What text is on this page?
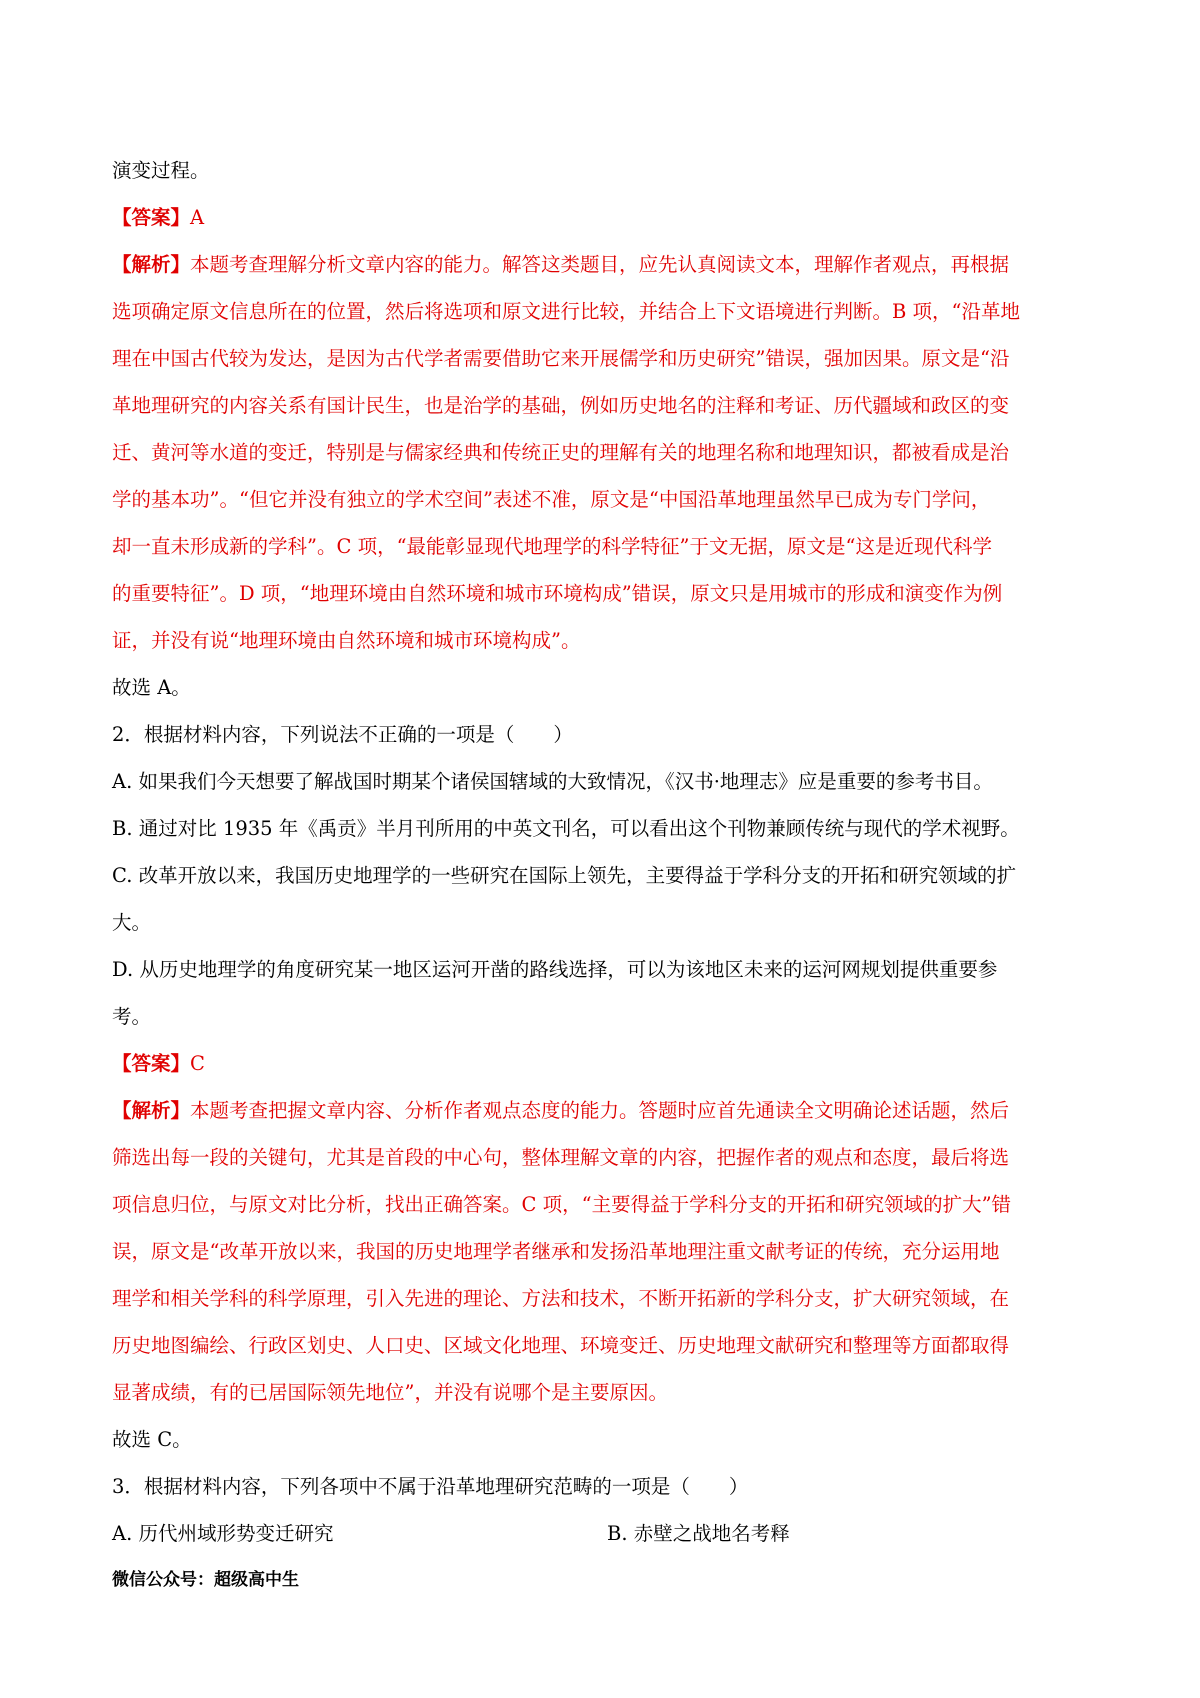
演变过程。
【答案】A
【解析】本题考查理解分析文章内容的能力。解答这类题目，应先认真阅读文本，理解作者观点，再根据
选项确定原文信息所在的位置，然后将选项和原文进行比较，并结合上下文语境进行判断。B 项，“沿革地
理在中国古代较为发达，是因为古代学者需要借助它来开展儒学和历史研究”错误，强加因果。原文是“沿
革地理研究的内容关系有国计民生，也是治学的基础，例如历史地名的注释和考证、历代疆域和政区的变
迁、黄河等水道的变迁，特别是与儒家经典和传统正史的理解有关的地理名称和地理知识，都被看成是治
学的基本功”。“但它并没有独立的学术空间”表述不准，原文是“中国沿革地理虽然早已成为专门学问，
却一直未形成新的学科”。C 项，“最能彰显现代地理学的科学特征”于文无据，原文是“这是近现代科学
的重要特征”。D 项，“地理环境由自然环境和城市环境构成”错误，原文只是用城市的形成和演变作为例
证，并没有说“地理环境由自然环境和城市环境构成”。
故选 A。
2．根据材料内容，下列说法不正确的一项是（　　）
A. 如果我们今天想要了解战国时期某个诸侯国辖域的大致情况，《汉书·地理志》应是重要的参考书目。
B. 通过对比 1935 年《禹贡》半月刊所用的中英文刊名，可以看出这个刊物兼顾传统与现代的学术视野。
C. 改革开放以来，我国历史地理学的一些研究在国际上领先，主要得益于学科分支的开拓和研究领域的扩
大。
D. 从历史地理学的角度研究某一地区运河开凿的路线选择，可以为该地区未来的运河网规划提供重要参
考。
【答案】C
【解析】本题考查把握文章内容、分析作者观点态度的能力。答题时应首先通读全文明确论述话题，然后
筛选出每一段的关键句，尤其是首段的中心句，整体理解文章的内容，把握作者的观点和态度，最后将选
项信息归位，与原文对比分析，找出正确答案。C 项，“主要得益于学科分支的开拓和研究领域的扩大”错
误，原文是“改革开放以来，我国的历史地理学者继承和发扬沿革地理注重文献考证的传统，充分运用地
理学和相关学科的科学原理，引入先进的理论、方法和技术，不断开拓新的学科分支，扩大研究领域，在
历史地图编绘、行政区划史、人口史、区域文化地理、环境变迁、历史地理文献研究和整理等方面都取得
显著成绩，有的已居国际领先地位”，并没有说哪个是主要原因。
故选 C。
3．根据材料内容，下列各项中不属于沿革地理研究范畴的一项是（　　）
A. 历代州域形势变迁研究	B. 赤壁之战地名考释
微信公众号：超级高中生
